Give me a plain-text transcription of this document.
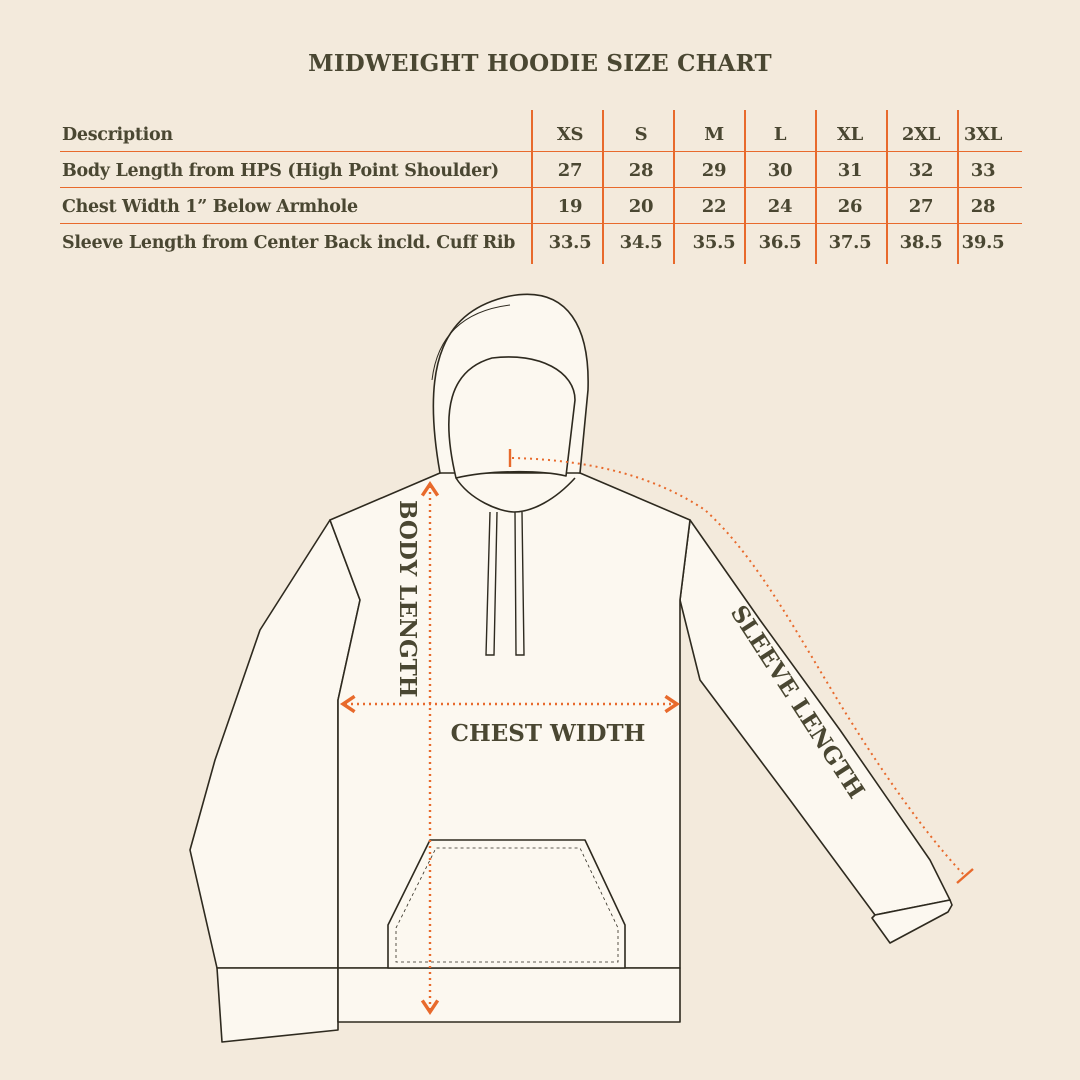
MIDWEIGHT HOODIE SIZE CHART
Description	XS	S	M	L	XL	2XL	3XL
Body Length from HPS (High Point Shoulder)	27	28	29	30	31	32	33
Chest Width 1” Below Armhole	19	20	22	24	26	27	28
Sleeve Length from Center Back incld. Cuff Rib	33.5	34.5	35.5	36.5	37.5	38.5	39.5
BODY LENGTH
CHEST WIDTH	SLEEVE LENGTH
